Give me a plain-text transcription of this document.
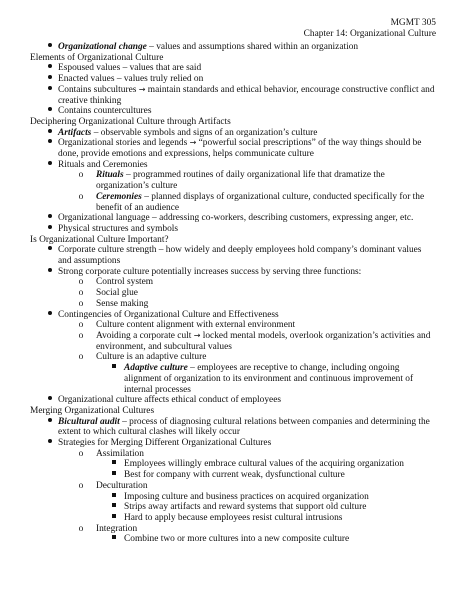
MGMT 305
Chapter 14: Organizational Culture
Organizational change – values and assumptions shared within an organization
Elements of Organizational Culture
Espoused values – values that are said
Enacted values – values truly relied on
Contains subcultures → maintain standards and ethical behavior, encourage constructive conflict and creative thinking
Contains countercultures
Deciphering Organizational Culture through Artifacts
Artifacts – observable symbols and signs of an organization’s culture
Organizational stories and legends → “powerful social prescriptions” of the way things should be done, provide emotions and expressions, helps communicate culture
Rituals and Ceremonies
o Rituals – programmed routines of daily organizational life that dramatize the organization’s culture
o Ceremonies – planned displays of organizational culture, conducted specifically for the benefit of an audience
Organizational language – addressing co-workers, describing customers, expressing anger, etc.
Physical structures and symbols
Is Organizational Culture Important?
Corporate culture strength – how widely and deeply employees hold company’s dominant values and assumptions
Strong corporate culture potentially increases success by serving three functions:
o Control system
o Social glue
o Sense making
Contingencies of Organizational Culture and Effectiveness
o Culture content alignment with external environment
o Avoiding a corporate cult → locked mental models, overlook organization’s activities and environment, and subcultural values
o Culture is an adaptive culture
Adaptive culture – employees are receptive to change, including ongoing alignment of organization to its environment and continuous improvement of internal processes
Organizational culture affects ethical conduct of employees
Merging Organizational Cultures
Bicultural audit – process of diagnosing cultural relations between companies and determining the extent to which cultural clashes will likely occur
Strategies for Merging Different Organizational Cultures
o Assimilation
Employees willingly embrace cultural values of the acquiring organization
Best for company with current weak, dysfunctional culture
o Deculturation
Imposing culture and business practices on acquired organization
Strips away artifacts and reward systems that support old culture
Hard to apply because employees resist cultural intrusions
o Integration
Combine two or more cultures into a new composite culture
